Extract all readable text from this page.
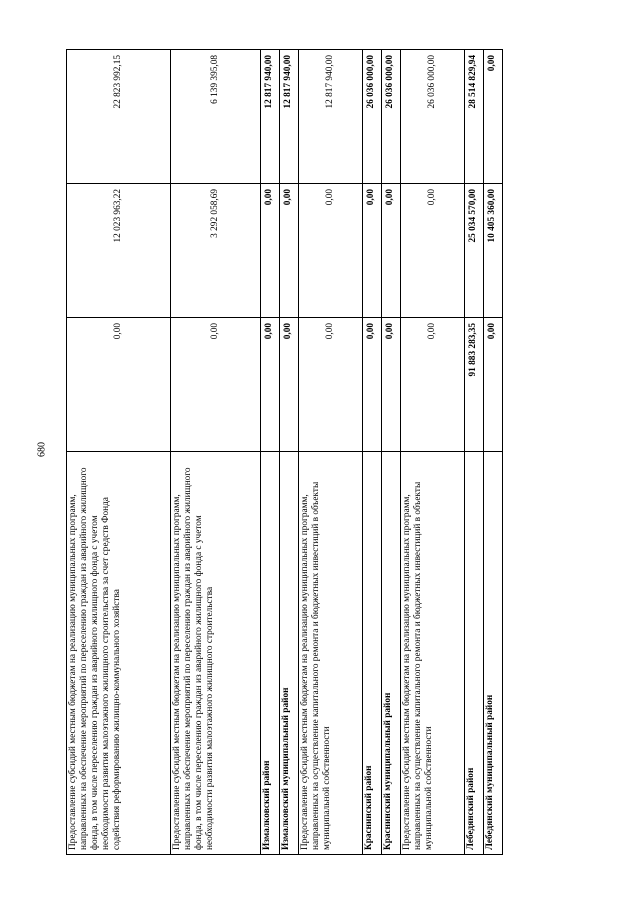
680
Предоставление субсидий местным бюджетам на реализацию муниципальных программ, направленных на обеспечение мероприятий по переселению граждан из аварийного жилищного фонда, в том числе переселению граждан из аварийного жилищного фонда с учетом необходимости развития малоэтажного жилищного строительства за счет средств Фонда содействия реформированию жилищно-коммунального хозяйства	0,00	12 023 963,22	22 823 992,15
Предоставление субсидий местным бюджетам на реализацию муниципальных программ, направленных на обеспечение мероприятий по переселению граждан из аварийного жилищного фонда, в том числе переселению граждан из аварийного жилищного фонда с учетом необходимости развития малоэтажного жилищного строительства	0,00	3 292 058,69	6 139 395,08
Измалковский район	0,00	0,00	12 817 940,00
Измалковский муниципальный район	0,00	0,00	12 817 940,00
Предоставление субсидий местным бюджетам на реализацию муниципальных программ, направленных на осуществление капитального ремонта и бюджетных инвестиций в объекты муниципальной собственности	0,00	0,00	12 817 940,00
Краснинский район	0,00	0,00	26 036 000,00
Краснинский муниципальный район	0,00	0,00	26 036 000,00
Предоставление субсидий местным бюджетам на реализацию муниципальных программ, направленных на осуществление капитального ремонта и бюджетных инвестиций в объекты муниципальной собственности	0,00	0,00	26 036 000,00
Лебедянский район	91 883 283,35	25 034 570,00	28 514 829,94
Лебедянский муниципальный район	0,00	10 405 360,00	0,00
